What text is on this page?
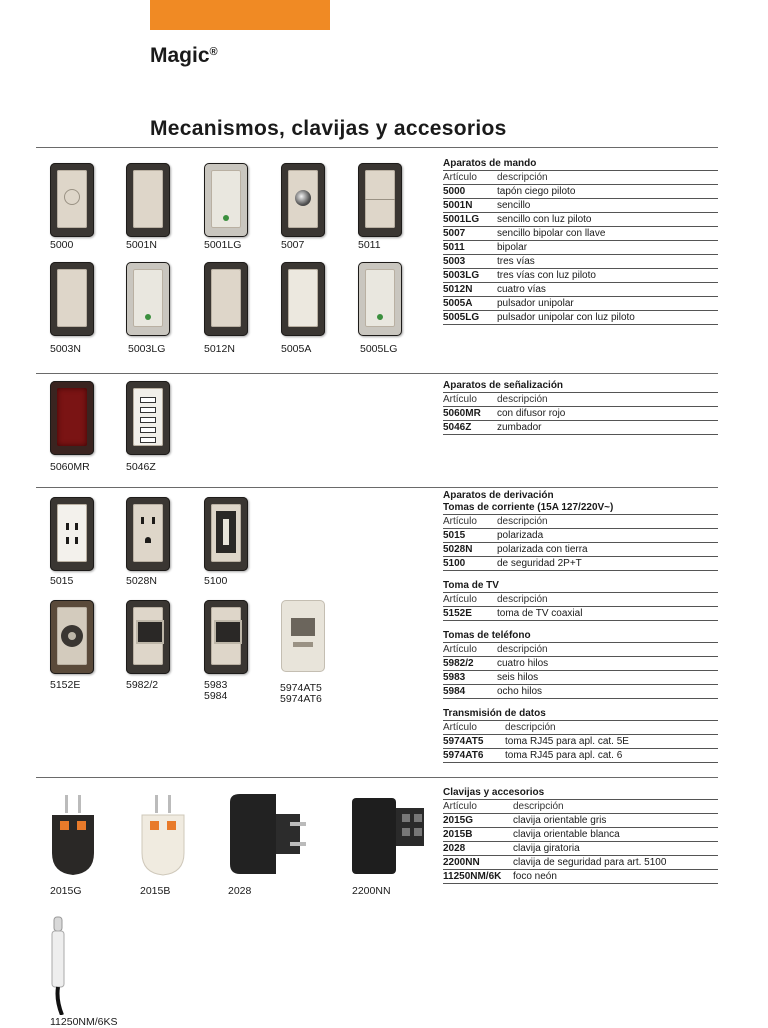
Magic®
Mecanismos, clavijas y accesorios
5000	5001N	5001LG	5007	5011
5003N	5003LG	5012N	5005A	5005LG
Aparatos de mando
Artículo	descripción
5000	tapón ciego piloto
5001N	sencillo
5001LG	sencillo con luz piloto
5007	sencillo bipolar con llave
5011	bipolar
5003	tres vías
5003LG	tres vías con luz piloto
5012N	cuatro vías
5005A	pulsador unipolar
5005LG	pulsador unipolar con luz piloto
5060MR	5046Z
Aparatos de señalización
Artículo	descripción
5060MR	con difusor rojo
5046Z	zumbador
5015	5028N	5100
5152E	5982/2	5983
5984
5974AT5
5974AT6
Aparatos de derivación
Tomas de corriente (15A 127/220V~)
Artículo	descripción
5015	polarizada
5028N	polarizada con tierra
5100	de seguridad 2P+T
Toma de TV
Artículo	descripción
5152E	toma de TV coaxial
Tomas de teléfono
Artículo	descripción
5982/2	cuatro hilos
5983	seis hilos
5984	ocho hilos
Transmisión de datos
Artículo	descripción
5974AT5	toma RJ45 para apl. cat. 5E
5974AT6	toma RJ45 para apl. cat. 6
2015G	2015B	2028	2200NN
11250NM/6KS
Clavijas y accesorios
Artículo	descripción
2015G	clavija orientable gris
2015B	clavija orientable blanca
2028	clavija giratoria
2200NN	clavija de seguridad para art. 5100
11250NM/6K	foco neón
